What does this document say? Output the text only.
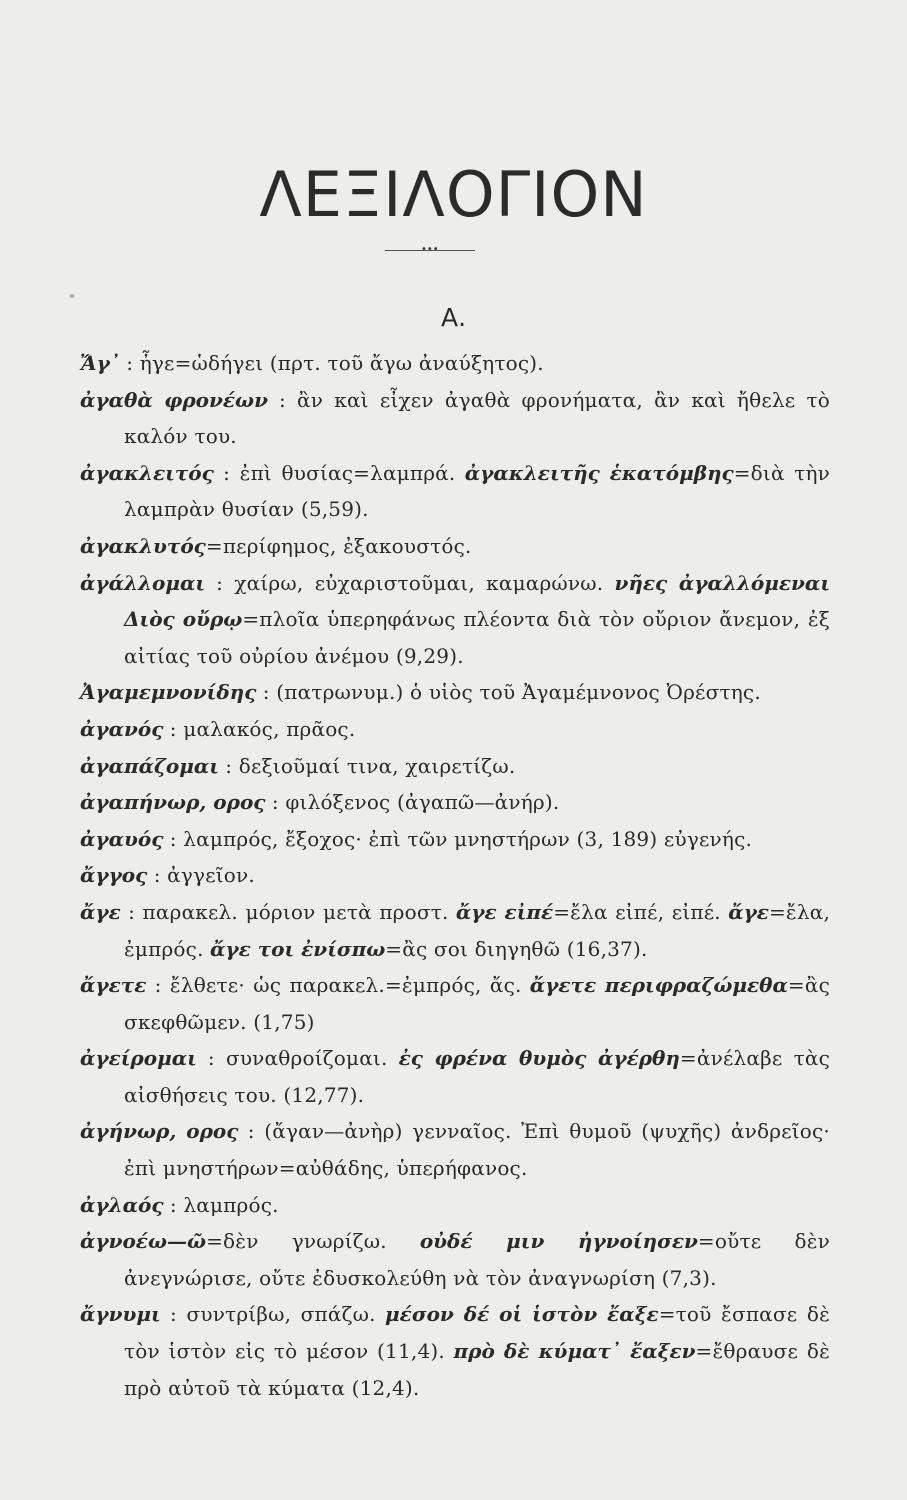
ΛΕΞΙΛΟΓΙΟΝ
•••
Α.

Ἄγ᾽ : ἦγε=ὡδήγει (πρτ. τοῦ ἄγω ἀναύξητος).

ἀγαθὰ φρονέων : ἂν καὶ εἶχεν ἀγαθὰ φρονήματα, ἂν καὶ ἤθελε τὸ καλόν του.

ἀγακλειτός : ἐπὶ θυσίας=λαμπρά. ἀγακλειτῆς ἑκατόμβης=διὰ τὴν λαμπρὰν θυσίαν (5,59).

ἀγακλυτός=περίφημος, ἐξακουστός.

ἀγάλλομαι : χαίρω, εὐχαριστοῦμαι, καμαρώνω. νῆες ἀγαλλόμεναι Διὸς οὔρῳ=πλοῖα ὑπερηφάνως πλέοντα διὰ τὸν οὔριον ἄνεμον, ἐξ αἰτίας τοῦ οὐρίου ἀνέμου (9,29).

Ἀγαμεμνονίδης : (πατρωνυμ.) ὁ υἱὸς τοῦ Ἀγαμέμνονος Ὀρέστης.

ἀγανός : μαλακός, πρᾶος.

ἀγαπάζομαι : δεξιοῦμαί τινα, χαιρετίζω.

ἀγαπήνωρ, ορος : φιλόξενος (ἀγαπῶ—ἀνήρ).

ἀγαυός : λαμπρός, ἔξοχος· ἐπὶ τῶν μνηστήρων (3, 189) εὐγενής.

ἄγγος : ἀγγεῖον.

ἄγε : παρακελ. μόριον μετὰ προστ. ἄγε εἰπέ=ἔλα εἰπέ, εἰπέ. ἄγε=ἔλα, ἐμπρός. ἄγε τοι ἐνίσπω=ἂς σοι διηγηθῶ (16,37).

ἄγετε : ἔλθετε· ὡς παρακελ.=ἐμπρός, ἄς. ἄγετε περιφραζώμεθα=ἂς σκεφθῶμεν. (1,75)

ἀγείρομαι : συναθροίζομαι. ἐς φρένα θυμὸς ἀγέρθη=ἀνέλαβε τὰς αἰσθήσεις του. (12,77).

ἀγήνωρ, ορος : (ἄγαν—ἀνὴρ) γενναῖος. Ἐπὶ θυμοῦ (ψυχῆς) ἀνδρεῖος· ἐπὶ μνηστήρων=αὐθάδης, ὑπερήφανος.

ἀγλαός : λαμπρός.

ἀγνοέω—ῶ=δὲν γνωρίζω. οὐδέ μιν ἠγνοίησεν=οὔτε δὲν ἀνεγνώρισε, οὔτε ἐδυσκολεύθη νὰ τὸν ἀναγνωρίση (7,3).

ἄγνυμι : συντρίβω, σπάζω. μέσον δέ οἱ ἱστὸν ἔαξε=τοῦ ἔσπασε δὲ τὸν ἱστὸν εἰς τὸ μέσον (11,4). πρὸ δὲ κύματ᾽ ἔαξεν=ἔθραυσε δὲ πρὸ αὐτοῦ τὰ κύματα (12,4).
